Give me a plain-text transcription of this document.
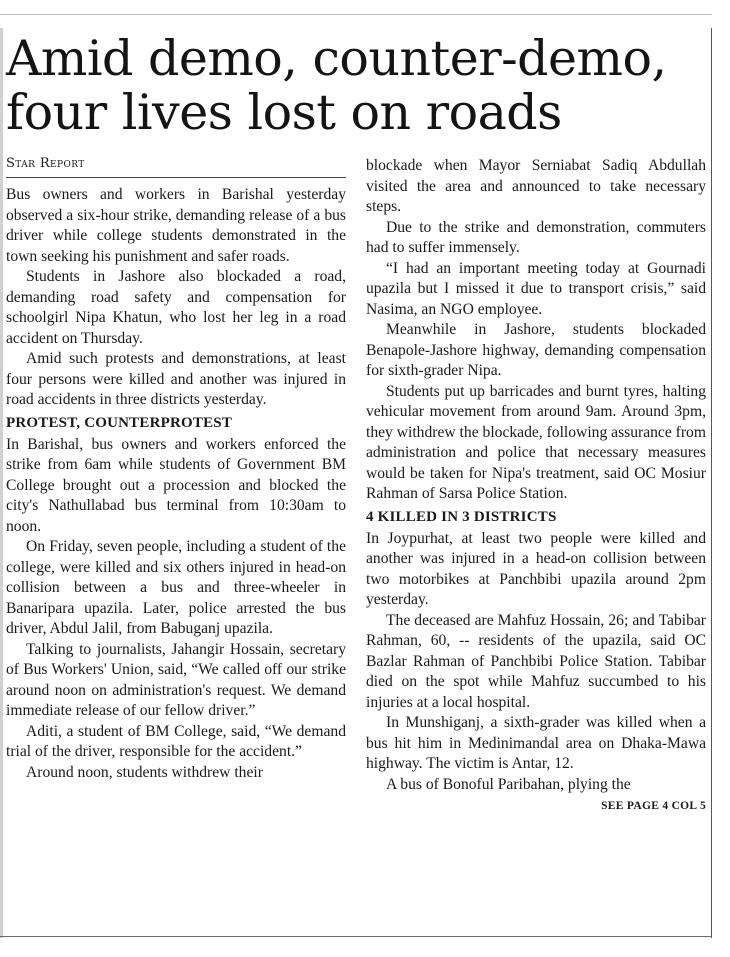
Amid demo, counter-demo, four lives lost on roads
Star Report

Bus owners and workers in Barishal yesterday observed a six-hour strike, demanding release of a bus driver while college students demonstrated in the town seeking his punishment and safer roads.

Students in Jashore also blockaded a road, demanding road safety and compensation for schoolgirl Nipa Khatun, who lost her leg in a road accident on Thursday.

Amid such protests and demonstrations, at least four persons were killed and another was injured in road accidents in three districts yesterday.

PROTEST, COUNTERPROTEST

In Barishal, bus owners and workers enforced the strike from 6am while students of Government BM College brought out a procession and blocked the city's Nathullabad bus terminal from 10:30am to noon.

On Friday, seven people, including a student of the college, were killed and six others injured in head-on collision between a bus and three-wheeler in Banaripara upazila. Later, police arrested the bus driver, Abdul Jalil, from Babuganj upazila.

Talking to journalists, Jahangir Hossain, secretary of Bus Workers' Union, said, “We called off our strike around noon on administration's request. We demand immediate release of our fellow driver.”

Aditi, a student of BM College, said, “We demand trial of the driver, responsible for the accident.”

Around noon, students withdrew their

blockade when Mayor Serniabat Sadiq Abdullah visited the area and announced to take necessary steps.

Due to the strike and demonstration, commuters had to suffer immensely.

“I had an important meeting today at Gournadi upazila but I missed it due to transport crisis,” said Nasima, an NGO employee.

Meanwhile in Jashore, students blockaded Benapole-Jashore highway, demanding compensation for sixth-grader Nipa.

Students put up barricades and burnt tyres, halting vehicular movement from around 9am. Around 3pm, they withdrew the blockade, following assurance from administration and police that necessary measures would be taken for Nipa's treatment, said OC Mosiur Rahman of Sarsa Police Station.

4 KILLED IN 3 DISTRICTS

In Joypurhat, at least two people were killed and another was injured in a head-on collision between two motorbikes at Panchbibi upazila around 2pm yesterday.

The deceased are Mahfuz Hossain, 26; and Tabibar Rahman, 60, -- residents of the upazila, said OC Bazlar Rahman of Panchbibi Police Station. Tabibar died on the spot while Mahfuz succumbed to his injuries at a local hospital.

In Munshiganj, a sixth-grader was killed when a bus hit him in Medinimandal area on Dhaka-Mawa highway. The victim is Antar, 12.

A bus of Bonoful Paribahan, plying the

SEE PAGE 4 COL 5
